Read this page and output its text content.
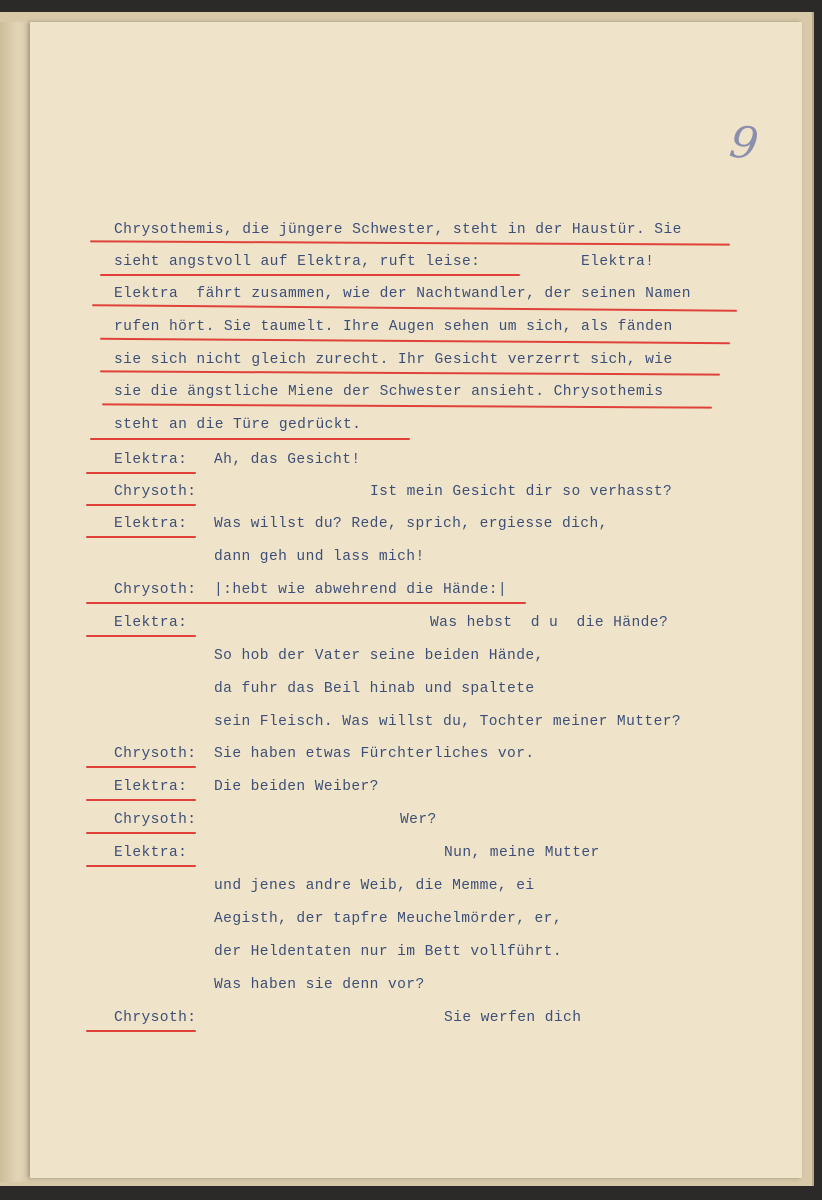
9
Chrysothemis, die jüngere Schwester, steht in der Haustür. Sie
sieht angstvoll auf Elektra, ruft leise:           Elektra!
Elektra  fährt zusammen, wie der Nachtwandler, der seinen Namen
rufen hört. Sie taumelt. Ihre Augen sehen um sich, als fänden
sie sich nicht gleich zurecht. Ihr Gesicht verzerrt sich, wie
sie die ängstliche Miene der Schwester ansieht. Chrysothemis
steht an die Türe gedrückt.
Elektra: Ah, das Gesicht!
Chrysoth:	Ist mein Gesicht dir so verhasst?
Elektra: Was willst du? Rede, sprich, ergiesse dich,
dann geh und lass mich!
Chrysoth: |:hebt wie abwehrend die Hände:|
Elektra:	Was hebst  d u  die Hände?
So hob der Vater seine beiden Hände,
da fuhr das Beil hinab und spaltete
sein Fleisch. Was willst du, Tochter meiner Mutter?
Chrysoth: Sie haben etwas Fürchterliches vor.
Elektra: Die beiden Weiber?
Chrysoth:	Wer?
Elektra:	Nun, meine Mutter
und jenes andre Weib, die Memme, ei
Aegisth, der tapfre Meuchelmörder, er,
der Heldentaten nur im Bett vollführt.
Was haben sie denn vor?
Chrysoth:	Sie werfen dich
